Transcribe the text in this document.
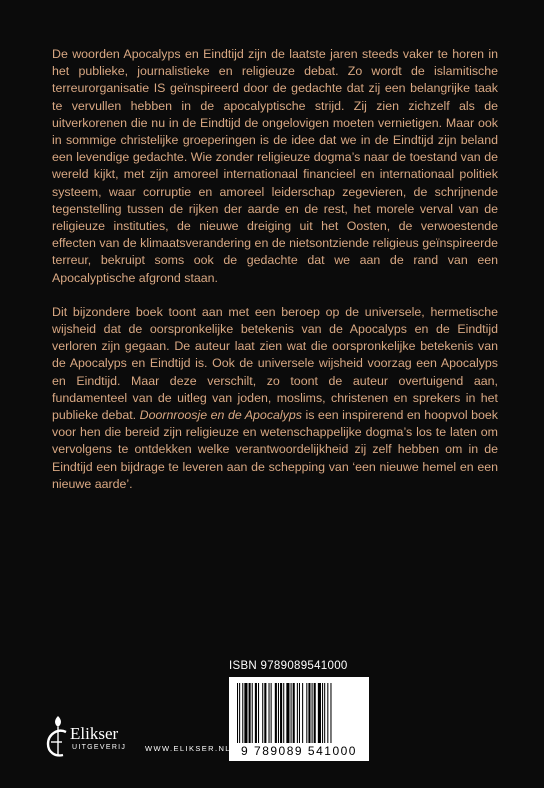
De woorden Apocalyps en Eindtijd zijn de laatste jaren steeds vaker te horen in het publieke, journalistieke en religieuze debat. Zo wordt de islamitische terreurorganisatie IS geïnspireerd door de gedachte dat zij een belangrijke taak te vervullen hebben in de apocalyptische strijd. Zij zien zichzelf als de uitverkorenen die nu in de Eindtijd de ongelovigen moeten vernietigen. Maar ook in sommige christelijke groeperingen is de idee dat we in de Eindtijd zijn beland een levendige gedachte. Wie zonder religieuze dogma’s naar de toestand van de wereld kijkt, met zijn amoreel internationaal financieel en internationaal politiek systeem, waar corruptie en amoreel leiderschap zegevieren, de schrijnende tegenstelling tussen de rijken der aarde en de rest, het morele verval van de religieuze instituties, de nieuwe dreiging uit het Oosten, de verwoestende effecten van de klimaatsverandering en de nietsontziende religieus geïnspireerde terreur, bekruipt soms ook de gedachte dat we aan de rand van een Apocalyptische afgrond staan.

Dit bijzondere boek toont aan met een beroep op de universele, hermetische wijsheid dat de oorspronkelijke betekenis van de Apocalyps en de Eindtijd verloren zijn gegaan. De auteur laat zien wat die oorspronkelijke betekenis van de Apocalyps en Eindtijd is. Ook de universele wijsheid voorzag een Apocalyps en Eindtijd. Maar deze verschilt, zo toont de auteur overtuigend aan, fundamenteel van de uitleg van joden, moslims, christenen en sprekers in het publieke debat. Doornroosje en de Apocalyps is een inspirerend en hoopvol boek voor hen die bereid zijn religieuze en wetenschappelijke dogma’s los te laten om vervolgens te ontdekken welke verantwoordelijkheid zij zelf hebben om in de Eindtijd een bijdrage te leveren aan de schepping van ‘een nieuwe hemel en een nieuwe aarde’.

ISBN 9789089541000
9 789089 541000
Elikser
UITGEVERIJ	WWW.ELIKSER.NL
